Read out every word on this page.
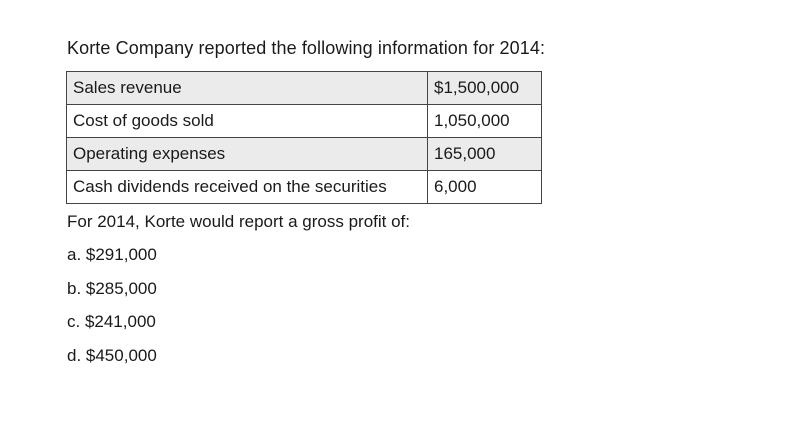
Korte Company reported the following information for 2014:
Sales revenue	$1,500,000
Cost of goods sold	1,050,000
Operating expenses	165,000
Cash dividends received on the securities	6,000
For 2014, Korte would report a gross profit of:
a. $291,000
b. $285,000
c. $241,000
d. $450,000
